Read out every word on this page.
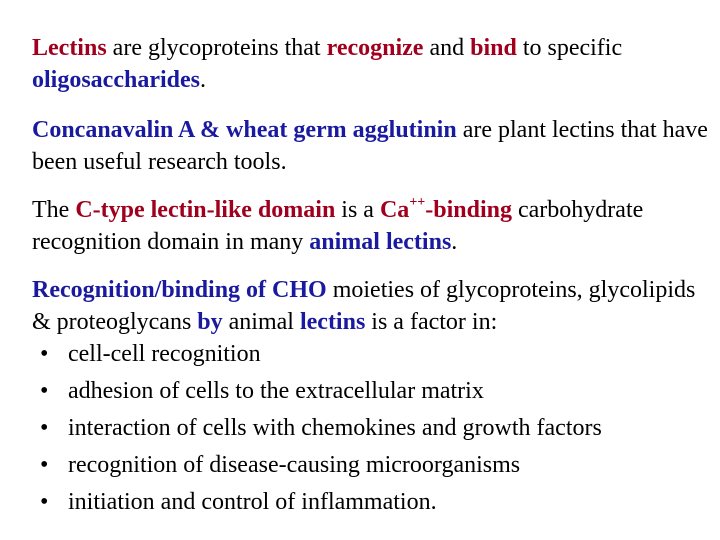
Lectins are glycoproteins that recognize and bind to specific oligosaccharides.

Concanavalin A & wheat germ agglutinin are plant lectins that have been useful research tools.

The C-type lectin-like domain is a Ca++-binding carbohydrate recognition domain in many animal lectins.

Recognition/binding of CHO moieties of glycoproteins, glycolipids & proteoglycans by animal lectins is a factor in:
• cell-cell recognition
• adhesion of cells to the extracellular matrix
• interaction of cells with chemokines and growth factors
• recognition of disease-causing microorganisms
• initiation and control of inflammation.
